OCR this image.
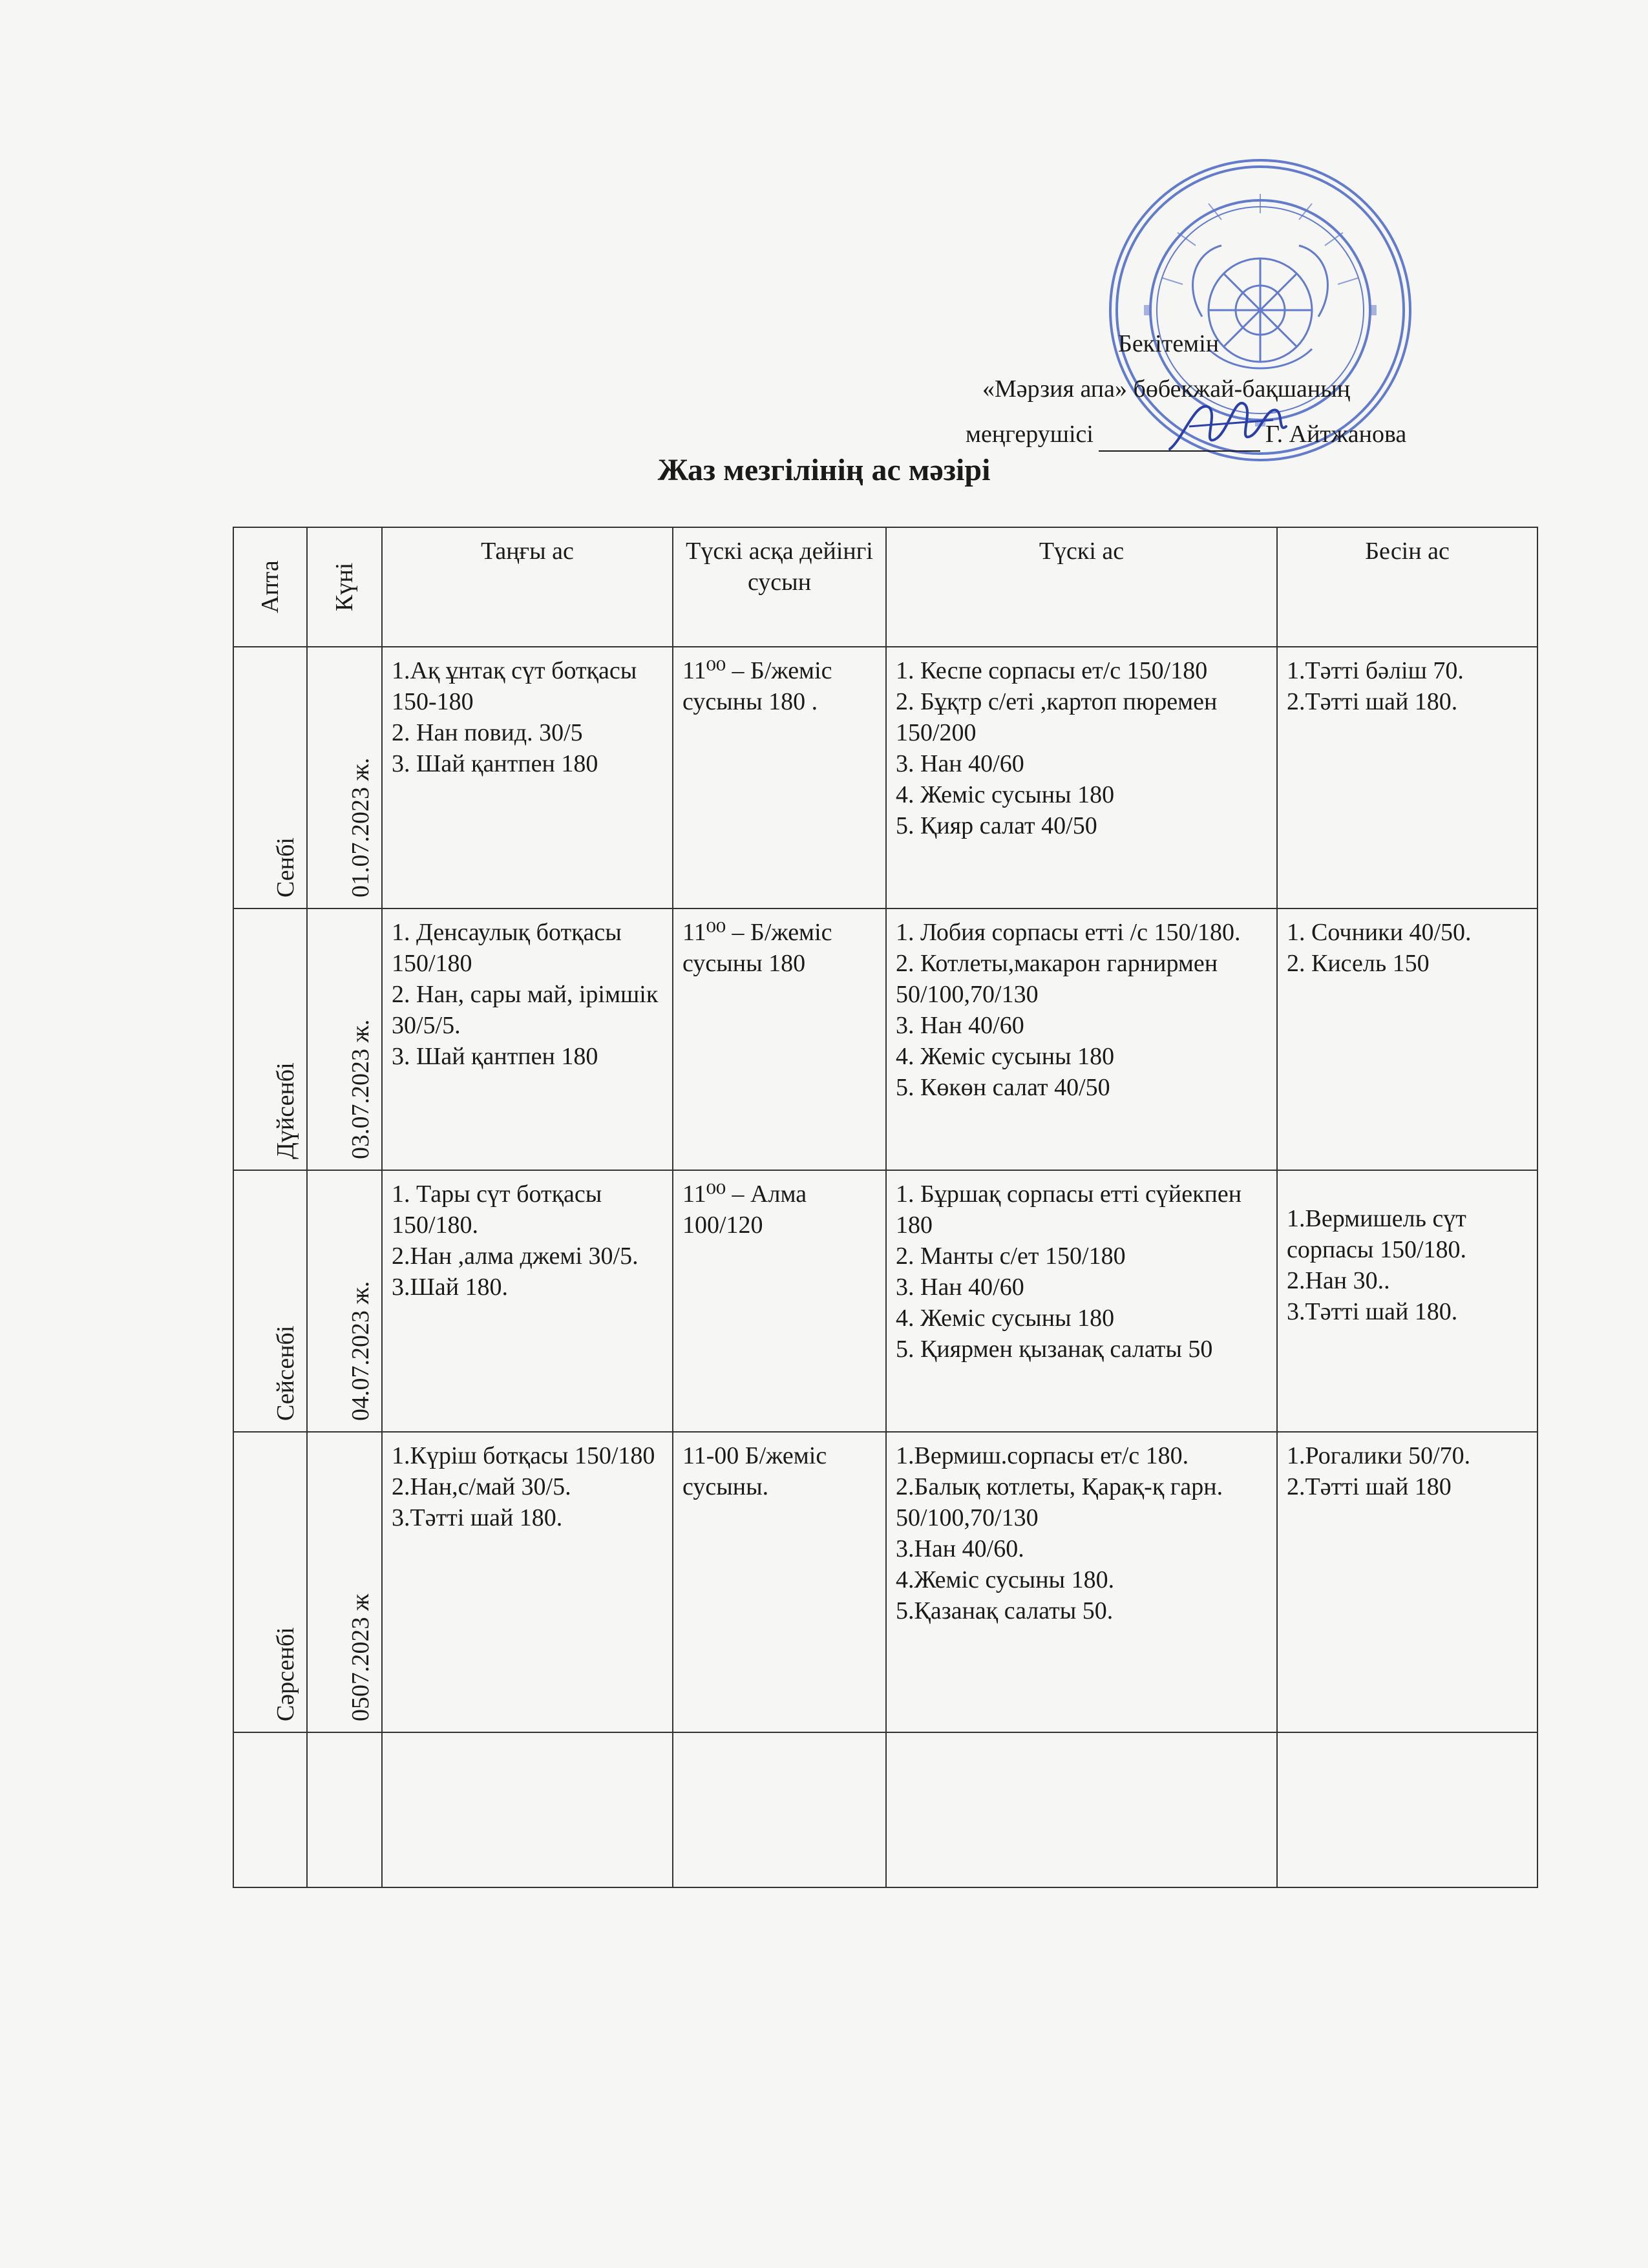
Бекітемін
«Мәрзия апа» бөбекжай-бақшаның
меңгерушісі	Г. Айтжанова
Жаз мезгілінің ас мәзірі
Апта	Күні	Таңғы ас	Түскі асқа дейінгі сусын	Түскі ас	Бесін ас
Сенбі	01.07.2023 ж.	1.Ақ ұнтақ сүт ботқасы 150-180
2. Нан повид. 30/5
3. Шай қантпен 180	11⁰⁰ – Б/жеміс сусыны 180 .	1. Кеспе сорпасы ет/с 150/180
2. Бұқтр с/еті ,картоп пюремен 150/200
3. Нан 40/60
4. Жеміс сусыны 180
5. Қияр салат 40/50	1.Тәтті бәліш 70.
2.Тәтті шай 180.

Дүйсенбі	03.07.2023 ж.	1. Денсаулық ботқасы 150/180
2. Нан, сары май, ірімшік 30/5/5.
3. Шай қантпен 180	11⁰⁰ – Б/жеміс сусыны 180	1. Лобия сорпасы етті /с 150/180.
2. Котлеты,макарон гарнирмен 50/100,70/130
3. Нан 40/60
4. Жеміс сусыны 180
5. Көкөн салат 40/50	1. Сочники 40/50.
2. Кисель 150

Сейсенбі	04.07.2023 ж.	1. Тары сүт ботқасы 150/180.
2.Нан ,алма джемі 30/5.
3.Шай 180.	11⁰⁰ – Алма 100/120	1. Бұршақ сорпасы етті сүйекпен 180
2. Манты с/ет 150/180
3. Нан 40/60
4. Жеміс сусыны 180
5. Қиярмен қызанақ салаты 50	1.Вермишель сүт сорпасы 150/180.
2.Нан 30..
3.Тәтті шай 180.

Сәрсенбі	0507.2023 ж	1.Күріш ботқасы 150/180
2.Нан,с/май 30/5.
3.Тәтті шай 180.	11-00 Б/жеміс сусыны.	1.Вермиш.сорпасы ет/с 180.
2.Балық котлеты, Қарақ-қ гарн. 50/100,70/130
3.Нан 40/60.
4.Жеміс сусыны 180.
5.Қазанақ салаты 50.	1.Рогалики 50/70.
2.Тәтті шай 180
